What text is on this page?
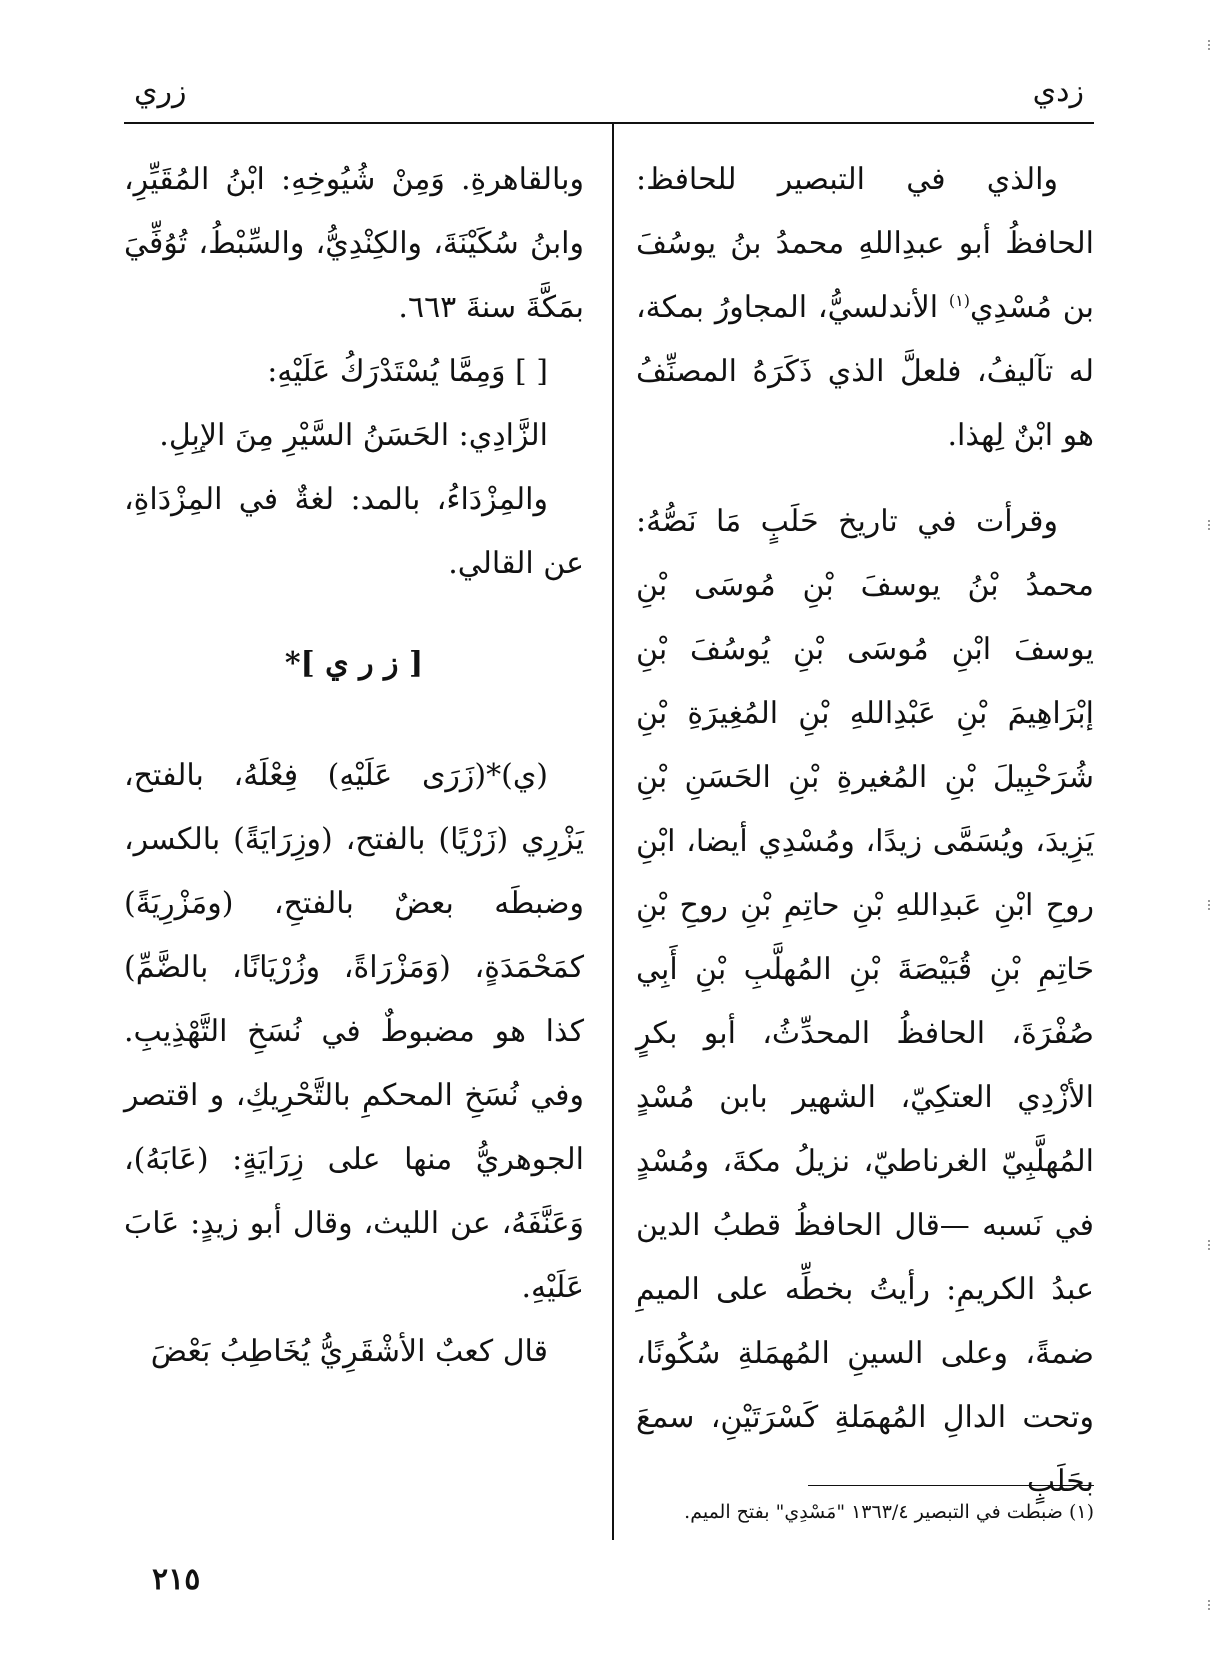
زدي
زري

والذي في التبصير للحافظ: الحافظُ أبو عبدِاللهِ محمدُ بنُ يوسُفَ بن مُسْدِي$^{(١)}$ الأندلسيُّ، المجاورُ بمكة، له تآليفُ، فلعلَّ الذي ذَكَرَهُ المصنِّفُ هو ابْنٌ لِهذا.

وقرأت في تاريخ حَلَبٍ مَا نَصُّهُ: محمدُ بْنُ يوسفَ بْنِ مُوسَى بْنِ يوسفَ ابْنِ مُوسَى بْنِ يُوسُفَ بْنِ إبْرَاهِيمَ بْنِ عَبْدِاللهِ بْنِ المُغِيرَةِ بْنِ شُرَحْبِيلَ بْنِ المُغيرةِ بْنِ الحَسَنِ بْنِ يَزِيدَ، ويُسَمَّى زيدًا، ومُسْدِي أيضا، ابْنِ روحِ ابْنِ عَبدِاللهِ بْنِ حاتِمِ بْنِ روحِ بْنِ حَاتِمِ بْنِ قُبَيْصَةَ بْنِ المُهلَّبِ بْنِ أَبِي صُفْرَةَ، الحافظُ المحدِّثُ، أبو بكرٍ الأزْدِي العتكِيّ، الشهير بابن مُسْدٍ المُهلَّبِيّ الغرناطيّ، نزيلُ مكةَ، ومُسْدٍ في نَسبه —قال الحافظُ قطبُ الدين عبدُ الكريمِ: رأيتُ بخطِّه على الميمِ ضمةً، وعلى السينِ المُهمَلةِ سُكُونًا، وتحت الدالِ المُهمَلةِ كَسْرَتَيْنِ، سمعَ بحَلَبٍ

(١) ضبطت في التبصير ١٣٦٣/٤ "مَسْدِي" بفتح الميم.

وبالقاهرةِ. وَمِنْ شُيُوخِهِ: ابْنُ المُقَيِّرِ، وابنُ سُكَيْنَةَ، والكِنْدِيُّ، والسِّبْطُ، تُوُفِّيَ بمَكَّةَ سنةَ ٦٦٣.

[ ] وَمِمَّا يُسْتَدْرَكُ عَلَيْهِ:

الزَّادِي: الحَسَنُ السَّيْرِ مِنَ الإبِلِ.

والمِزْدَاءُ، بالمد: لغةٌ في المِزْدَاةِ، عن القالي.

[ ز ر ي ]*

(ي)*(زَرَى عَلَيْهِ) فِعْلَهُ، بالفتح، يَزْرِي (زَرْيًا) بالفتح، (وزِرَايَةً) بالكسر، وضبطَه بعضٌ بالفتحِ، (ومَزْرِيَةً) كمَحْمَدَةٍ، (وَمَزْرَاةً، وزُرْيَانًا، بالضَّمِّ) كذا هو مضبوطٌ في نُسَخِ التَّهْذِيبِ. وفي نُسَخِ المحكمِ بالتَّحْرِيكِ، و اقتصر الجوهريُّ منها على زِرَايَةٍ: (عَابَهُ)، وَعَنَّفَهُ، عن الليث، وقال أبو زيدٍ: عَابَ عَلَيْهِ.

قال كعبٌ الأشْقَرِيُّ يُخَاطِبُ بَعْضَ

٢١٥
